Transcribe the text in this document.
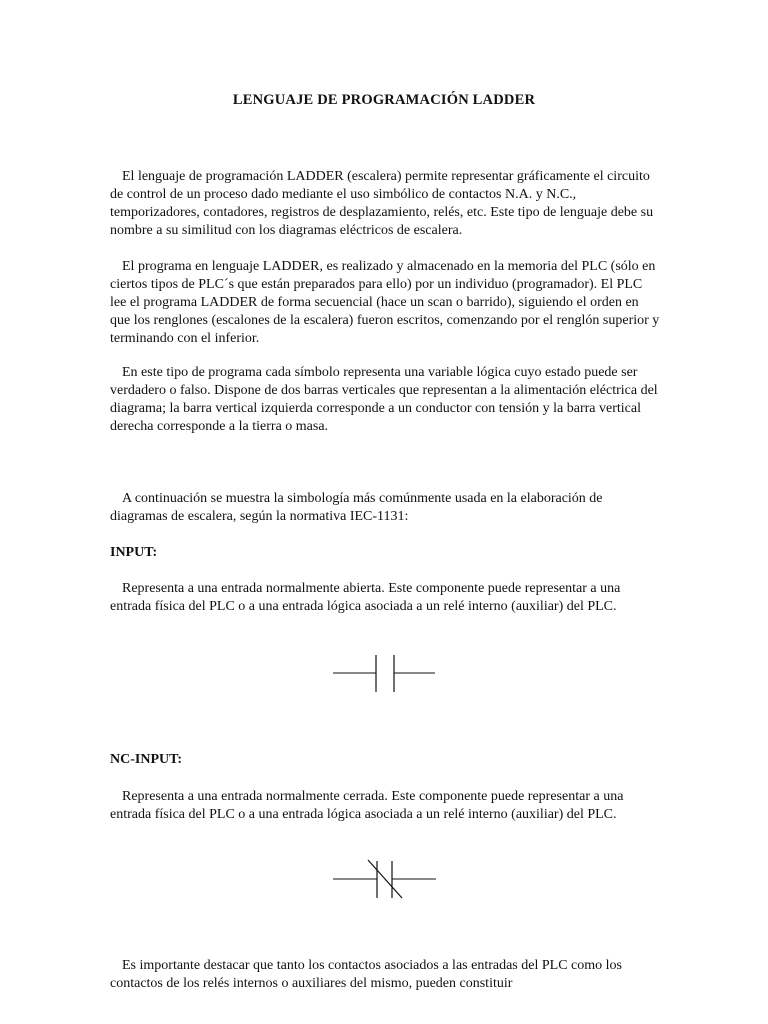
LENGUAJE DE PROGRAMACIÓN LADDER

El lenguaje de programación LADDER (escalera) permite representar gráficamente el circuito de control de un proceso dado mediante el uso simbólico de contactos N.A. y N.C., temporizadores, contadores, registros de desplazamiento, relés, etc. Este tipo de lenguaje debe su nombre a su similitud con los diagramas eléctricos de escalera.

El programa en lenguaje LADDER, es realizado y almacenado en la memoria del PLC (sólo en ciertos tipos de PLC´s que están preparados para ello) por un individuo (programador). El PLC lee el programa LADDER de forma secuencial (hace un scan o barrido), siguiendo el orden en que los renglones (escalones de la escalera) fueron escritos, comenzando por el renglón superior y terminando con el inferior.

En este tipo de programa cada símbolo representa una variable lógica cuyo estado puede ser verdadero o falso. Dispone de dos barras verticales que representan a la alimentación eléctrica del diagrama; la barra vertical izquierda corresponde a un conductor con tensión y la barra vertical derecha corresponde a la tierra o masa.

A continuación se muestra la simbología más comúnmente usada en la elaboración de diagramas de escalera, según la normativa IEC-1131:

INPUT:

Representa a una entrada normalmente abierta. Este componente puede representar a una entrada física del PLC o a una entrada lógica asociada a un relé interno (auxiliar) del PLC.

NC-INPUT:

Representa a una entrada normalmente cerrada. Este componente puede representar a una entrada física del PLC o a una entrada lógica asociada a un relé interno (auxiliar) del PLC.

Es importante destacar que tanto los contactos asociados a las entradas del PLC como los contactos de los relés internos o auxiliares del mismo, pueden constituir
